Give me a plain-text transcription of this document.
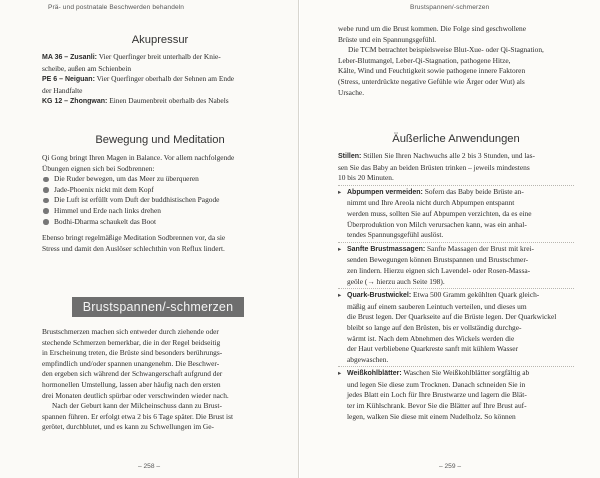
Prä- und postnatale Beschwerden behandeln
Akupressur
MA 36 – Zusanli: Vier Querfinger breit unterhalb der Knie-
scheibe, außen am Schienbein
PE 6 – Neiguan: Vier Querfinger oberhalb der Sehnen am Ende
der Handfalte
KG 12 – Zhongwan: Einen Daumenbreit oberhalb des Nabels
Bewegung und Meditation
Qi Gong bringt Ihren Magen in Balance. Vor allem nachfolgende
Übungen eignen sich bei Sodbrennen:
Die Ruder bewegen, um das Meer zu überqueren
Jade-Phoenix nickt mit dem Kopf
Die Luft ist erfüllt vom Duft der buddhistischen Pagode
Himmel und Erde nach links drehen
Bodhi-Dharma schaukelt das Boot
Ebenso bringt regelmäßige Meditation Sodbrennen vor, da sie
Stress und damit den Auslöser schlechthin von Reflux lindert.
Brustspannen/-schmerzen
Brustschmerzen machen sich entweder durch ziehende oder
stechende Schmerzen bemerkbar, die in der Regel beidseitig
in Erscheinung treten, die Brüste sind besonders berührungs-
empfindlich und/oder spannen unangenehm. Die Beschwer-
den ergeben sich während der Schwangerschaft aufgrund der
hormonellen Umstellung, lassen aber häufig nach den ersten
drei Monaten deutlich spürbar oder verschwinden wieder nach.
Nach der Geburt kann der Milcheinschuss dann zu Brust-
spannen führen. Er erfolgt etwa 2 bis 6 Tage später. Die Brust ist
gerötet, durchblutet, und es kann zu Schwellungen im Ge-
– 258 –
Brustspannen/-schmerzen
webe rund um die Brust kommen. Die Folge sind geschwollene
Brüste und ein Spannungsgefühl.
Die TCM betrachtet beispielsweise Blut-Xue- oder Qi-Stagnation,
Leber-Blutmangel, Leber-Qi-Stagnation, pathogene Hitze,
Kälte, Wind und Feuchtigkeit sowie pathogene innere Faktoren
(Stress, unterdrückte negative Gefühle wie Ärger oder Wut) als
Ursache.
Äußerliche Anwendungen
Stillen: Stillen Sie Ihren Nachwuchs alle 2 bis 3 Stunden, und las-
sen Sie das Baby an beiden Brüsten trinken – jeweils mindestens
10 bis 20 Minuten.
▸ Abpumpen vermeiden: Sofern das Baby beide Brüste an-
nimmt und Ihre Areola nicht durch Abpumpen entspannt
werden muss, sollten Sie auf Abpumpen verzichten, da es eine
Überproduktion von Milch verursachen kann, was ein anhal-
tendes Spannungsgefühl auslöst.
▸ Sanfte Brustmassagen: Sanfte Massagen der Brust mit krei-
senden Bewegungen können Brustspannen und Brustschmer-
zen lindern. Hierzu eignen sich Lavendel- oder Rosen-Massa-
geöle (→ hierzu auch Seite 198).
▸ Quark-Brustwickel: Etwa 500 Gramm gekühlten Quark gleich-
mäßig auf einem sauberen Leintuch verteilen, und dieses um
die Brust legen. Der Quarkseite auf die Brüste legen. Der Quarkwickel
bleibt so lange auf den Brüsten, bis er vollständig durchge-
wärmt ist. Nach dem Abnehmen des Wickels werden die
der Haut verbliebene Quarkreste sanft mit kühlem Wasser
abgewaschen.
▸ Weißkohlblätter: Waschen Sie Weißkohlblätter sorgfältig ab
und legen Sie diese zum Trocknen. Danach schneiden Sie in
jedes Blatt ein Loch für Ihre Brustwarze und lagern die Blät-
ter im Kühlschrank. Bevor Sie die Blätter auf Ihre Brust auf-
legen, walken Sie diese mit einem Nudelholz. So können
– 259 –
